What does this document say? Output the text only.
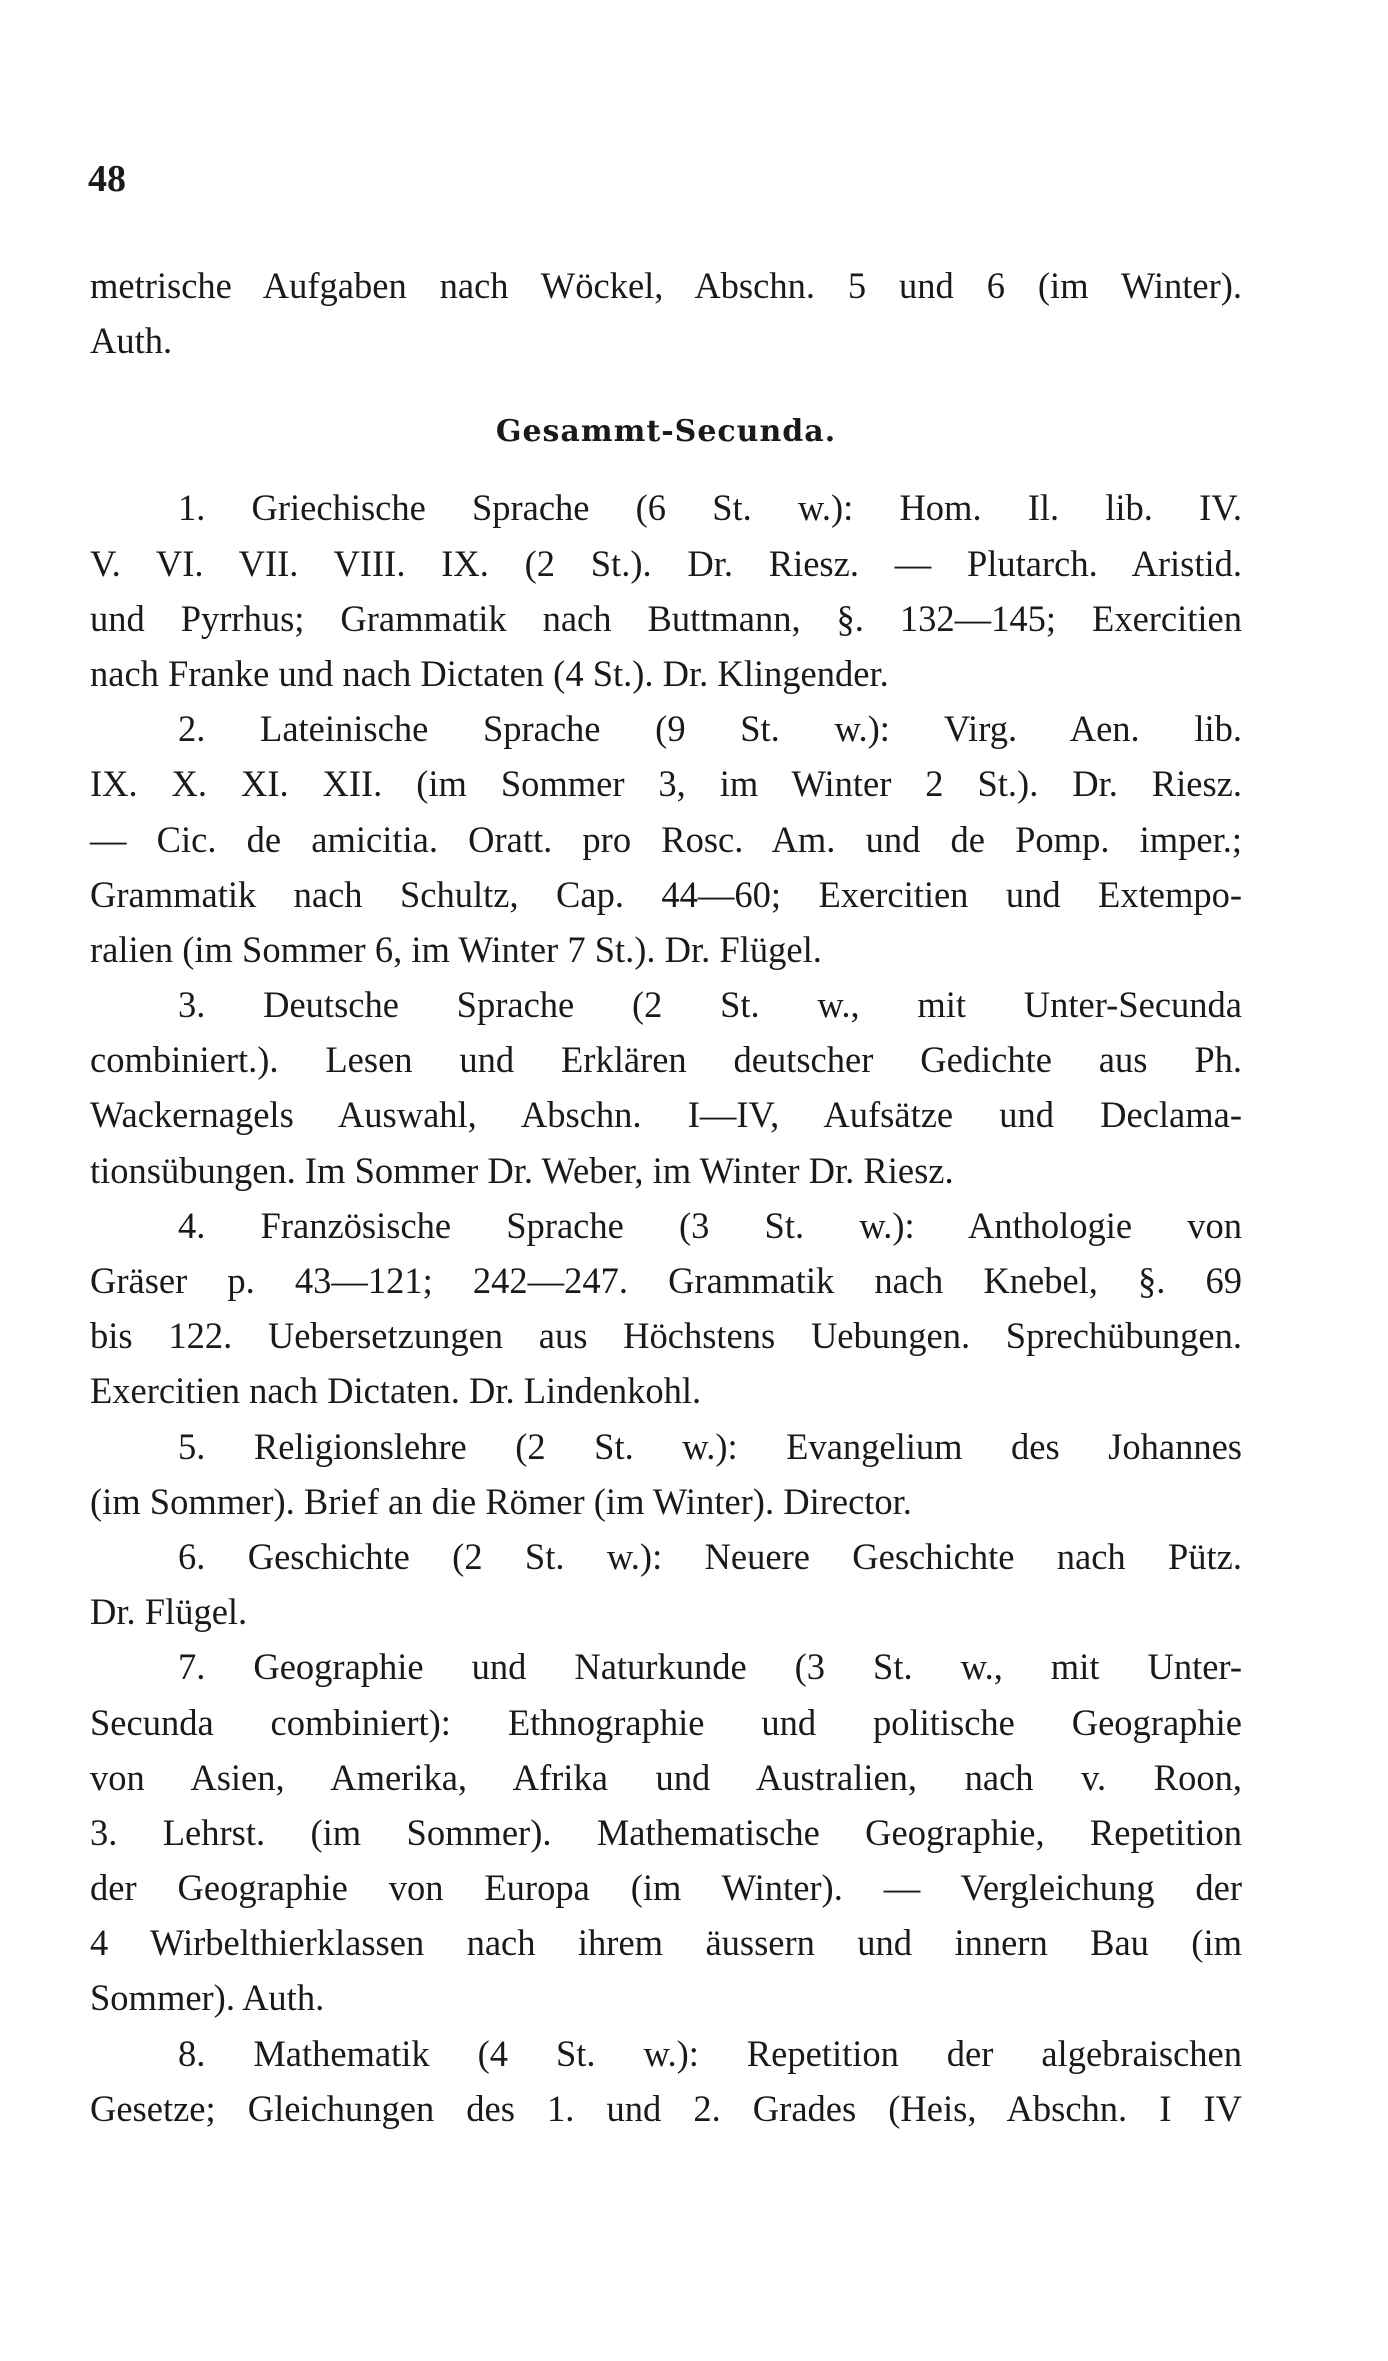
48
metrische Aufgaben nach Wöckel, Abschn. 5 und 6 (im Winter).
Auth.
Gesammt-Secunda.
1. Griechische Sprache (6 St. w.): Hom. Il. lib. IV.
V. VI. VII. VIII. IX. (2 St.). Dr. Riesz. — Plutarch. Aristid.
und Pyrrhus; Grammatik nach Buttmann, §. 132—145; Exercitien
nach Franke und nach Dictaten (4 St.). Dr. Klingender.
2. Lateinische Sprache (9 St. w.): Virg. Aen. lib.
IX. X. XI. XII. (im Sommer 3, im Winter 2 St.). Dr. Riesz.
— Cic. de amicitia. Oratt. pro Rosc. Am. und de Pomp. imper.;
Grammatik nach Schultz, Cap. 44—60; Exercitien und Extempo-
ralien (im Sommer 6, im Winter 7 St.). Dr. Flügel.
3. Deutsche Sprache (2 St. w., mit Unter-Secunda
combiniert.). Lesen und Erklären deutscher Gedichte aus Ph.
Wackernagels Auswahl, Abschn. I—IV, Aufsätze und Declama-
tionsübungen. Im Sommer Dr. Weber, im Winter Dr. Riesz.
4. Französische Sprache (3 St. w.): Anthologie von
Gräser p. 43—121; 242—247. Grammatik nach Knebel, §. 69
bis 122. Uebersetzungen aus Höchstens Uebungen. Sprechübungen.
Exercitien nach Dictaten. Dr. Lindenkohl.
5. Religionslehre (2 St. w.): Evangelium des Johannes
(im Sommer). Brief an die Römer (im Winter). Director.
6. Geschichte (2 St. w.): Neuere Geschichte nach Pütz.
Dr. Flügel.
7. Geographie und Naturkunde (3 St. w., mit Unter-
Secunda combiniert): Ethnographie und politische Geographie
von Asien, Amerika, Afrika und Australien, nach v. Roon,
3. Lehrst. (im Sommer). Mathematische Geographie, Repetition
der Geographie von Europa (im Winter). — Vergleichung der
4 Wirbelthierklassen nach ihrem äussern und innern Bau (im
Sommer). Auth.
8. Mathematik (4 St. w.): Repetition der algebraischen
Gesetze; Gleichungen des 1. und 2. Grades (Heis, Abschn. I IV
